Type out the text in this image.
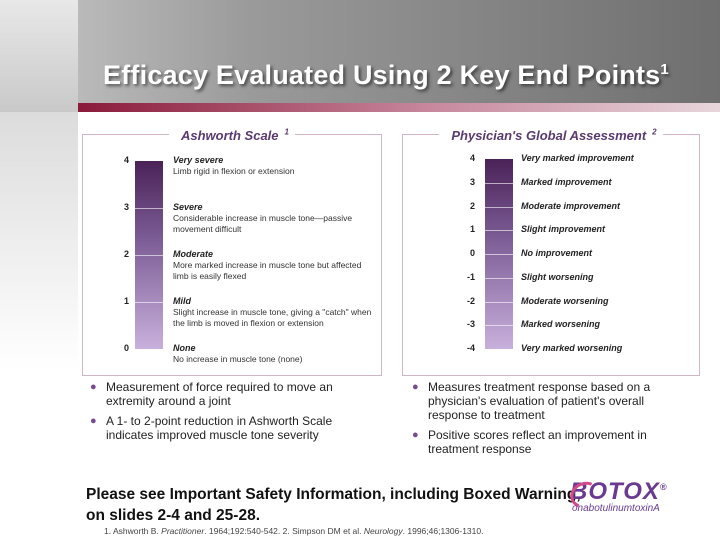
Efficacy Evaluated Using 2 Key End Points$^1$
Ashworth Scale $^1$
4	Very severe
Limb rigid in flexion or extension
3	Severe
Considerable increase in muscle tone—passive movement difficult
2	Moderate
More marked increase in muscle tone but affected limb is easily flexed
1	Mild
Slight increase in muscle tone, giving a "catch" when the limb is moved in flexion or extension
0	None
No increase in muscle tone (none)
Physician's Global Assessment $^2$
4	Very marked improvement
3	Marked improvement
2	Moderate improvement
1	Slight improvement
0	No improvement
-1	Slight worsening
-2	Moderate worsening
-3	Marked worsening
-4	Very marked worsening
● Measurement of force required to move an extremity around a joint
● A 1- to 2-point reduction in Ashworth Scale indicates improved muscle tone severity
● Measures treatment response based on a physician's evaluation of patient's overall response to treatment
● Positive scores reflect an improvement in treatment response
Please see Important Safety Information, including Boxed Warning, on slides 2-4 and 25-28.
1. Ashworth B. Practitioner. 1964;192:540-542. 2. Simpson DM et al. Neurology. 1996;46;1306-1310.
BOTOX®
onabotulinumtoxinA
